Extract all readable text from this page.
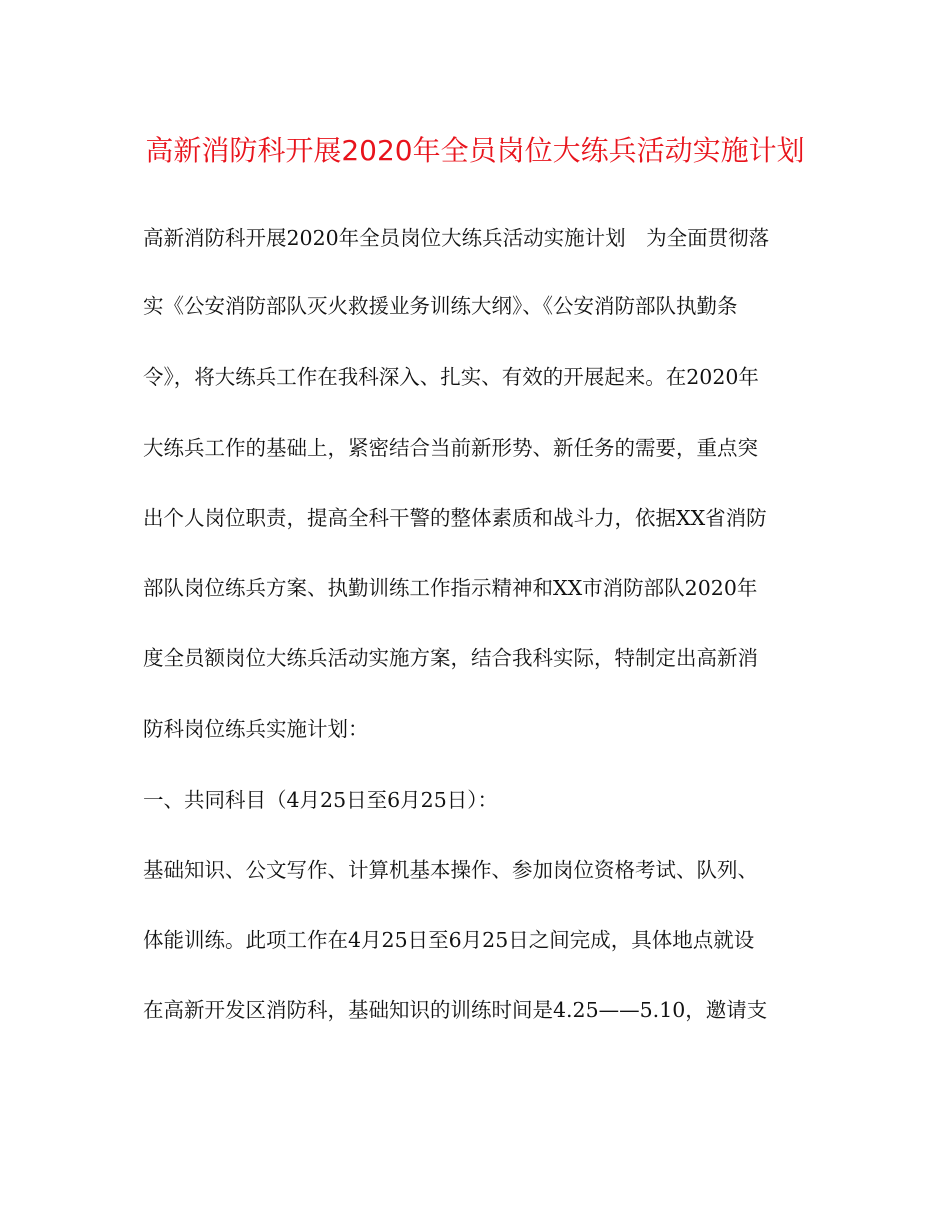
高新消防科开展2020年全员岗位大练兵活动实施计划
高新消防科开展2020年全员岗位大练兵活动实施计划　为全面贯彻落
实《公安消防部队灭火救援业务训练大纲》、《公安消防部队执勤条
令》，将大练兵工作在我科深入、扎实、有效的开展起来。在2020年
大练兵工作的基础上，紧密结合当前新形势、新任务的需要，重点突
出个人岗位职责，提高全科干警的整体素质和战斗力，依据XX省消防
部队岗位练兵方案、执勤训练工作指示精神和XX市消防部队2020年
度全员额岗位大练兵活动实施方案，结合我科实际，特制定出高新消
防科岗位练兵实施计划：
一、共同科目（4月25日至6月25日）：
基础知识、公文写作、计算机基本操作、参加岗位资格考试、队列、
体能训练。此项工作在4月25日至6月25日之间完成，具体地点就设
在高新开发区消防科，基础知识的训练时间是4.25——5.10，邀请支
